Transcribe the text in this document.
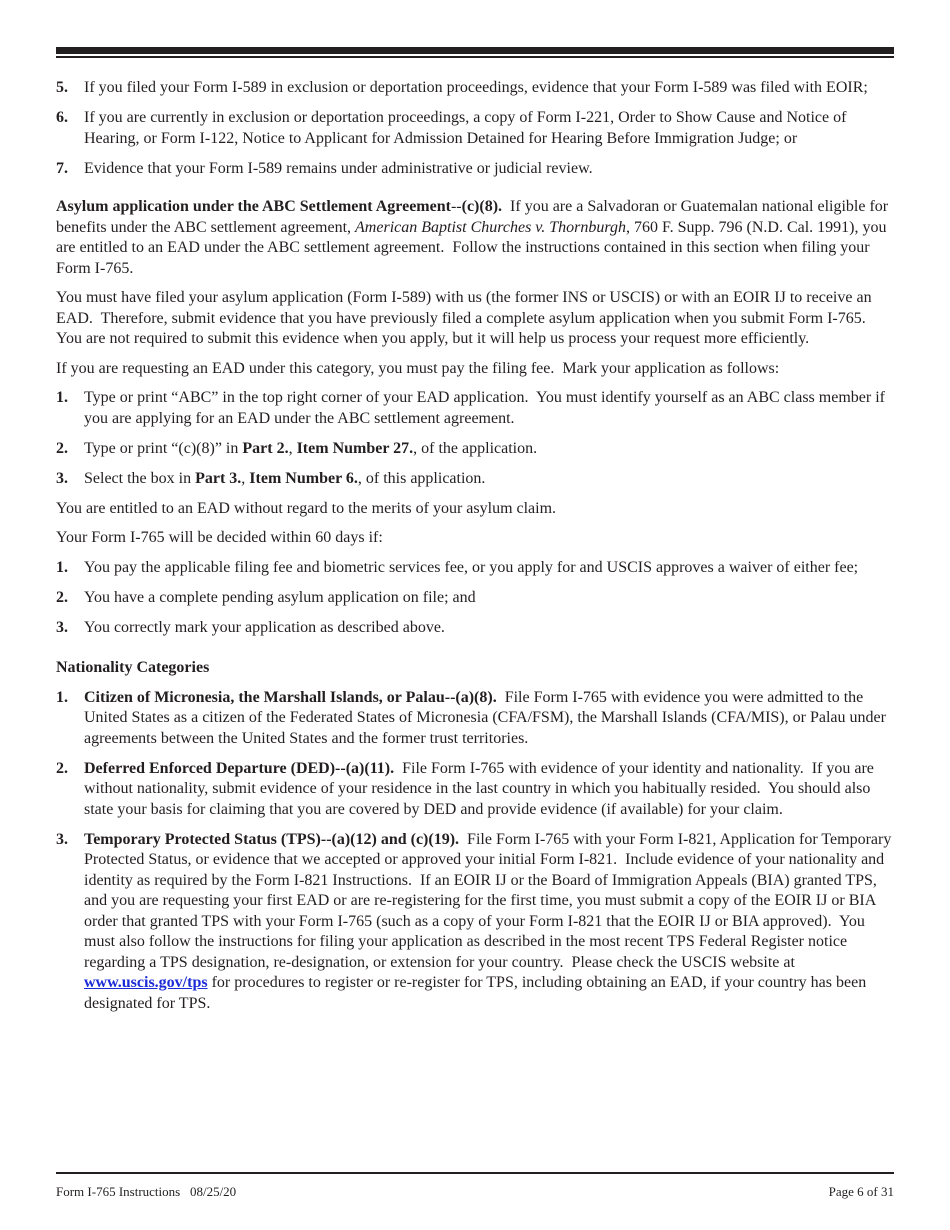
5. If you filed your Form I-589 in exclusion or deportation proceedings, evidence that your Form I-589 was filed with EOIR;
6. If you are currently in exclusion or deportation proceedings, a copy of Form I-221, Order to Show Cause and Notice of Hearing, or Form I-122, Notice to Applicant for Admission Detained for Hearing Before Immigration Judge; or
7. Evidence that your Form I-589 remains under administrative or judicial review.

Asylum application under the ABC Settlement Agreement--(c)(8).  If you are a Salvadoran or Guatemalan national eligible for benefits under the ABC settlement agreement, American Baptist Churches v. Thornburgh, 760 F. Supp. 796 (N.D. Cal. 1991), you are entitled to an EAD under the ABC settlement agreement.  Follow the instructions contained in this section when filing your Form I-765.

You must have filed your asylum application (Form I-589) with us (the former INS or USCIS) or with an EOIR IJ to receive an EAD.  Therefore, submit evidence that you have previously filed a complete asylum application when you submit Form I-765.  You are not required to submit this evidence when you apply, but it will help us process your request more efficiently.

If you are requesting an EAD under this category, you must pay the filing fee.  Mark your application as follows:

1. Type or print “ABC” in the top right corner of your EAD application.  You must identify yourself as an ABC class member if you are applying for an EAD under the ABC settlement agreement.
2. Type or print “(c)(8)” in Part 2., Item Number 27., of the application.
3. Select the box in Part 3., Item Number 6., of this application.

You are entitled to an EAD without regard to the merits of your asylum claim.

Your Form I-765 will be decided within 60 days if:

1. You pay the applicable filing fee and biometric services fee, or you apply for and USCIS approves a waiver of either fee;
2. You have a complete pending asylum application on file; and
3. You correctly mark your application as described above.
Nationality Categories
1. Citizen of Micronesia, the Marshall Islands, or Palau--(a)(8).  File Form I-765 with evidence you were admitted to the United States as a citizen of the Federated States of Micronesia (CFA/FSM), the Marshall Islands (CFA/MIS), or Palau under agreements between the United States and the former trust territories.
2. Deferred Enforced Departure (DED)--(a)(11).  File Form I-765 with evidence of your identity and nationality.  If you are without nationality, submit evidence of your residence in the last country in which you habitually resided.  You should also state your basis for claiming that you are covered by DED and provide evidence (if available) for your claim.
3. Temporary Protected Status (TPS)--(a)(12) and (c)(19).  File Form I-765 with your Form I-821, Application for Temporary Protected Status, or evidence that we accepted or approved your initial Form I-821.  Include evidence of your nationality and identity as required by the Form I-821 Instructions.  If an EOIR IJ or the Board of Immigration Appeals (BIA) granted TPS, and you are requesting your first EAD or are re-registering for the first time, you must submit a copy of the EOIR IJ or BIA order that granted TPS with your Form I-765 (such as a copy of your Form I-821 that the EOIR IJ or BIA approved).  You must also follow the instructions for filing your application as described in the most recent TPS Federal Register notice regarding a TPS designation, re-designation, or extension for your country.  Please check the USCIS website at www.uscis.gov/tps for procedures to register or re-register for TPS, including obtaining an EAD, if your country has been designated for TPS.
Form I-765 Instructions   08/25/20	Page 6 of 31
